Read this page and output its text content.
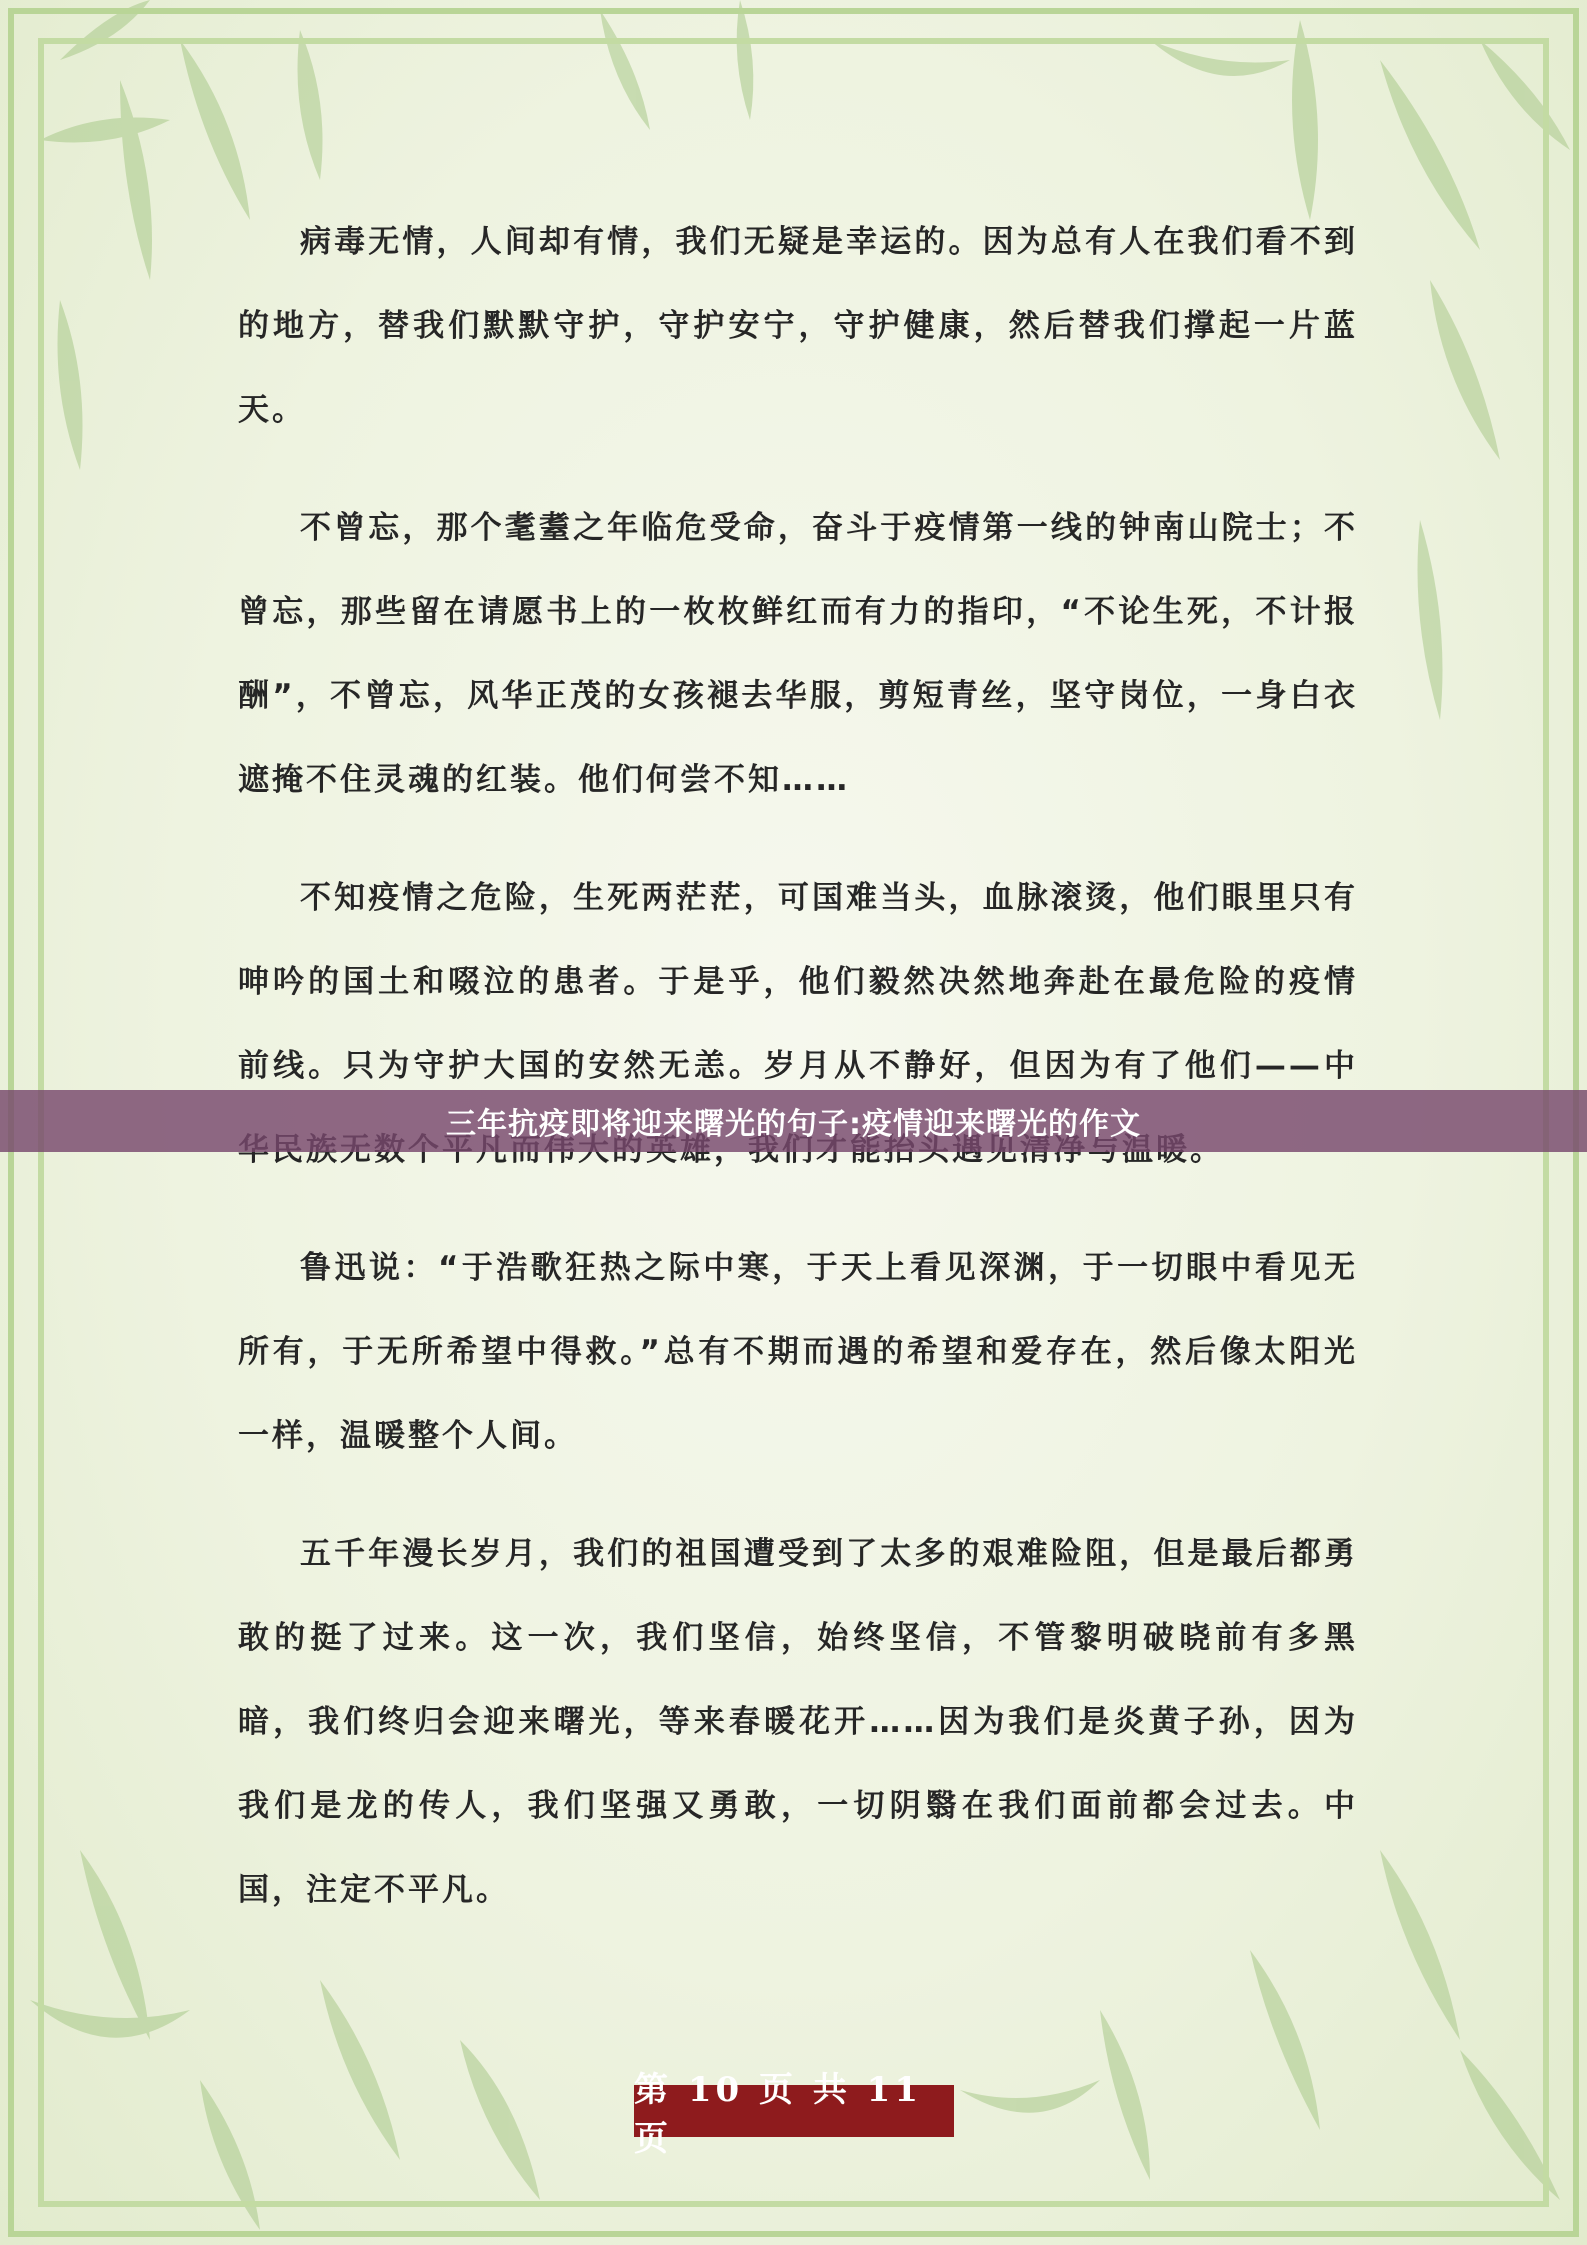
病毒无情，人间却有情，我们无疑是幸运的。因为总有人在我们看不到的地方，替我们默默守护，守护安宁，守护健康，然后替我们撑起一片蓝天。

不曾忘，那个耄耋之年临危受命，奋斗于疫情第一线的钟南山院士；不曾忘，那些留在请愿书上的一枚枚鲜红而有力的指印，“不论生死，不计报酬”，不曾忘，风华正茂的女孩褪去华服，剪短青丝，坚守岗位，一身白衣遮掩不住灵魂的红装。他们何尝不知……

不知疫情之危险，生死两茫茫，可国难当头，血脉滚烫，他们眼里只有呻吟的国土和啜泣的患者。于是乎，他们毅然决然地奔赴在最危险的疫情前线。只为守护大国的安然无恙。岁月从不静好，但因为有了他们——中

鲁迅说：“于浩歌狂热之际中寒，于天上看见深渊，于一切眼中看见无所有，于无所希望中得救。”总有不期而遇的希望和爱存在，然后像太阳光一样，温暖整个人间。

五千年漫长岁月，我们的祖国遭受到了太多的艰难险阻，但是最后都勇敢的挺了过来。这一次，我们坚信，始终坚信，不管黎明破晓前有多黑暗，我们终归会迎来曙光，等来春暖花开……因为我们是炎黄子孙，因为我们是龙的传人，我们坚强又勇敢，一切阴翳在我们面前都会过去。中国，注定不平凡。

三年抗疫即将迎来曙光的句子:疫情迎来曙光的作文
第 10 页 共 11 页
